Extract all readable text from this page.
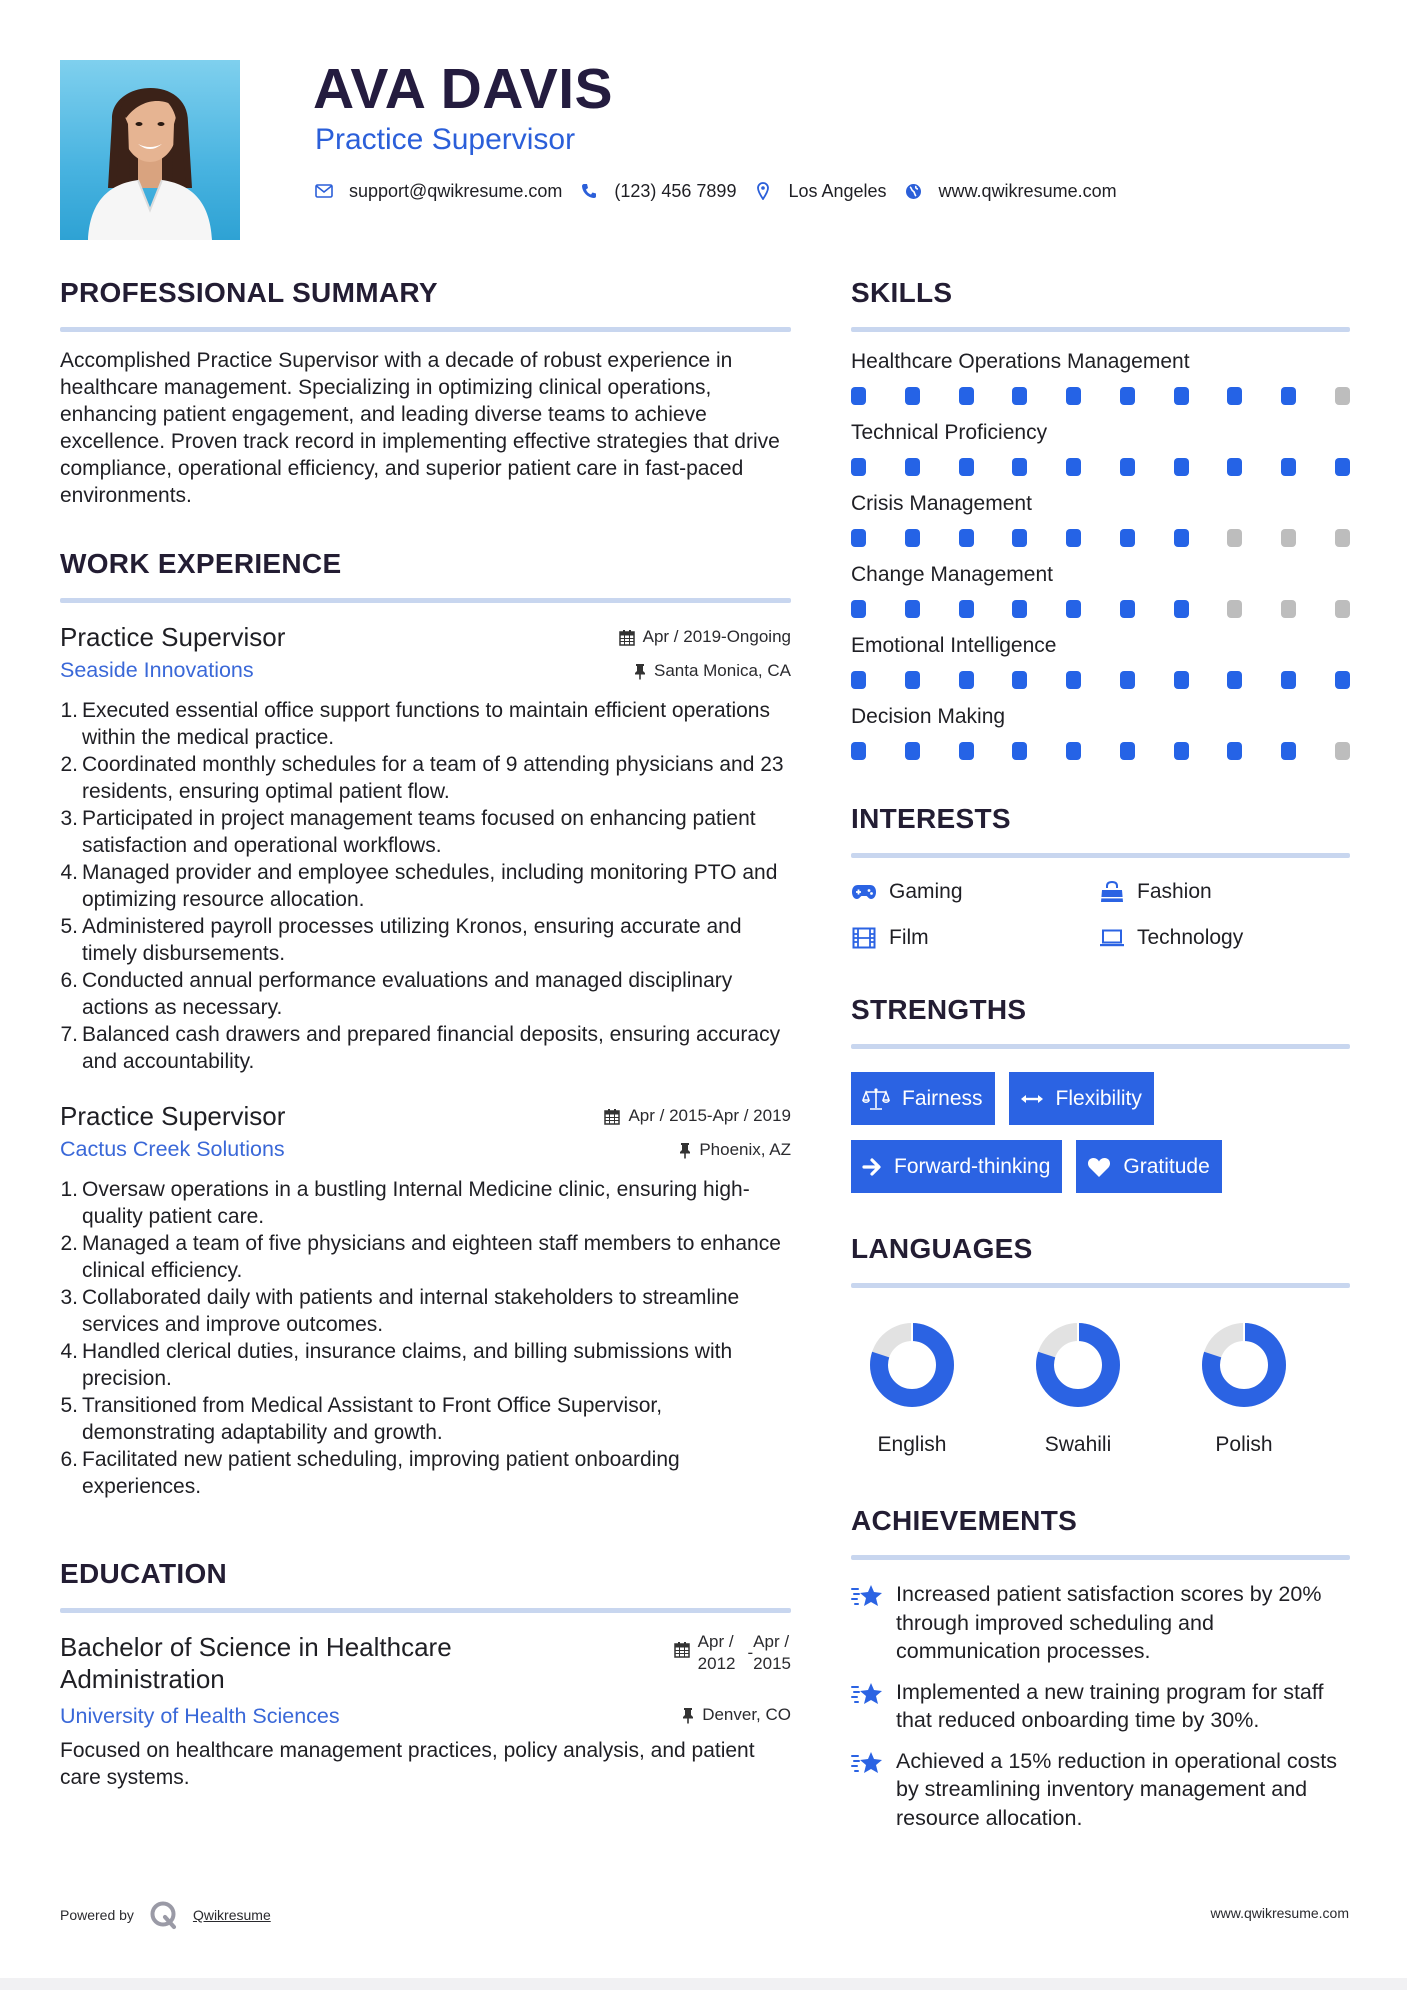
AVA DAVIS
Practice Supervisor
support@qwikresume.com	(123) 456 7899	Los Angeles	www.qwikresume.com
PROFESSIONAL SUMMARY

Accomplished Practice Supervisor with a decade of robust experience in healthcare management. Specializing in optimizing clinical operations, enhancing patient engagement, and leading diverse teams to achieve excellence. Proven track record in implementing effective strategies that drive compliance, operational efficiency, and superior patient care in fast-paced environments.

WORK EXPERIENCE
Practice Supervisor
Seaside Innovations
Apr / 2019-Ongoing
Santa Monica, CA
1. Executed essential office support functions to maintain efficient operations within the medical practice.
2. Coordinated monthly schedules for a team of 9 attending physicians and 23 residents, ensuring optimal patient flow.
3. Participated in project management teams focused on enhancing patient satisfaction and operational workflows.
4. Managed provider and employee schedules, including monitoring PTO and optimizing resource allocation.
5. Administered payroll processes utilizing Kronos, ensuring accurate and timely disbursements.
6. Conducted annual performance evaluations and managed disciplinary actions as necessary.
7. Balanced cash drawers and prepared financial deposits, ensuring accuracy and accountability.
Practice Supervisor
Cactus Creek Solutions
Apr / 2015-Apr / 2019
Phoenix, AZ
1. Oversaw operations in a bustling Internal Medicine clinic, ensuring high-quality patient care.
2. Managed a team of five physicians and eighteen staff members to enhance clinical efficiency.
3. Collaborated daily with patients and internal stakeholders to streamline services and improve outcomes.
4. Handled clerical duties, insurance claims, and billing submissions with precision.
5. Transitioned from Medical Assistant to Front Office Supervisor, demonstrating adaptability and growth.
6. Facilitated new patient scheduling, improving patient onboarding experiences.
EDUCATION
Bachelor of Science in Healthcare Administration
Apr /
2012
-
Apr /
2015
University of Health Sciences	Denver, CO

Focused on healthcare management practices, policy analysis, and patient care systems.

SKILLS
Healthcare Operations Management
Technical Proficiency
Crisis Management
Change Management
Emotional Intelligence
Decision Making
INTERESTS
Gaming	Fashion
Film	Technology
STRENGTHS
Fairness	Flexibility
Forward-thinking	Gratitude
LANGUAGES
English	Swahili	Polish
ACHIEVEMENTS
Increased patient satisfaction scores by 20% through improved scheduling and communication processes.
Implemented a new training program for staff that reduced onboarding time by 30%.
Achieved a 15% reduction in operational costs by streamlining inventory management and resource allocation.
Powered by	Qwikresume	www.qwikresume.com
